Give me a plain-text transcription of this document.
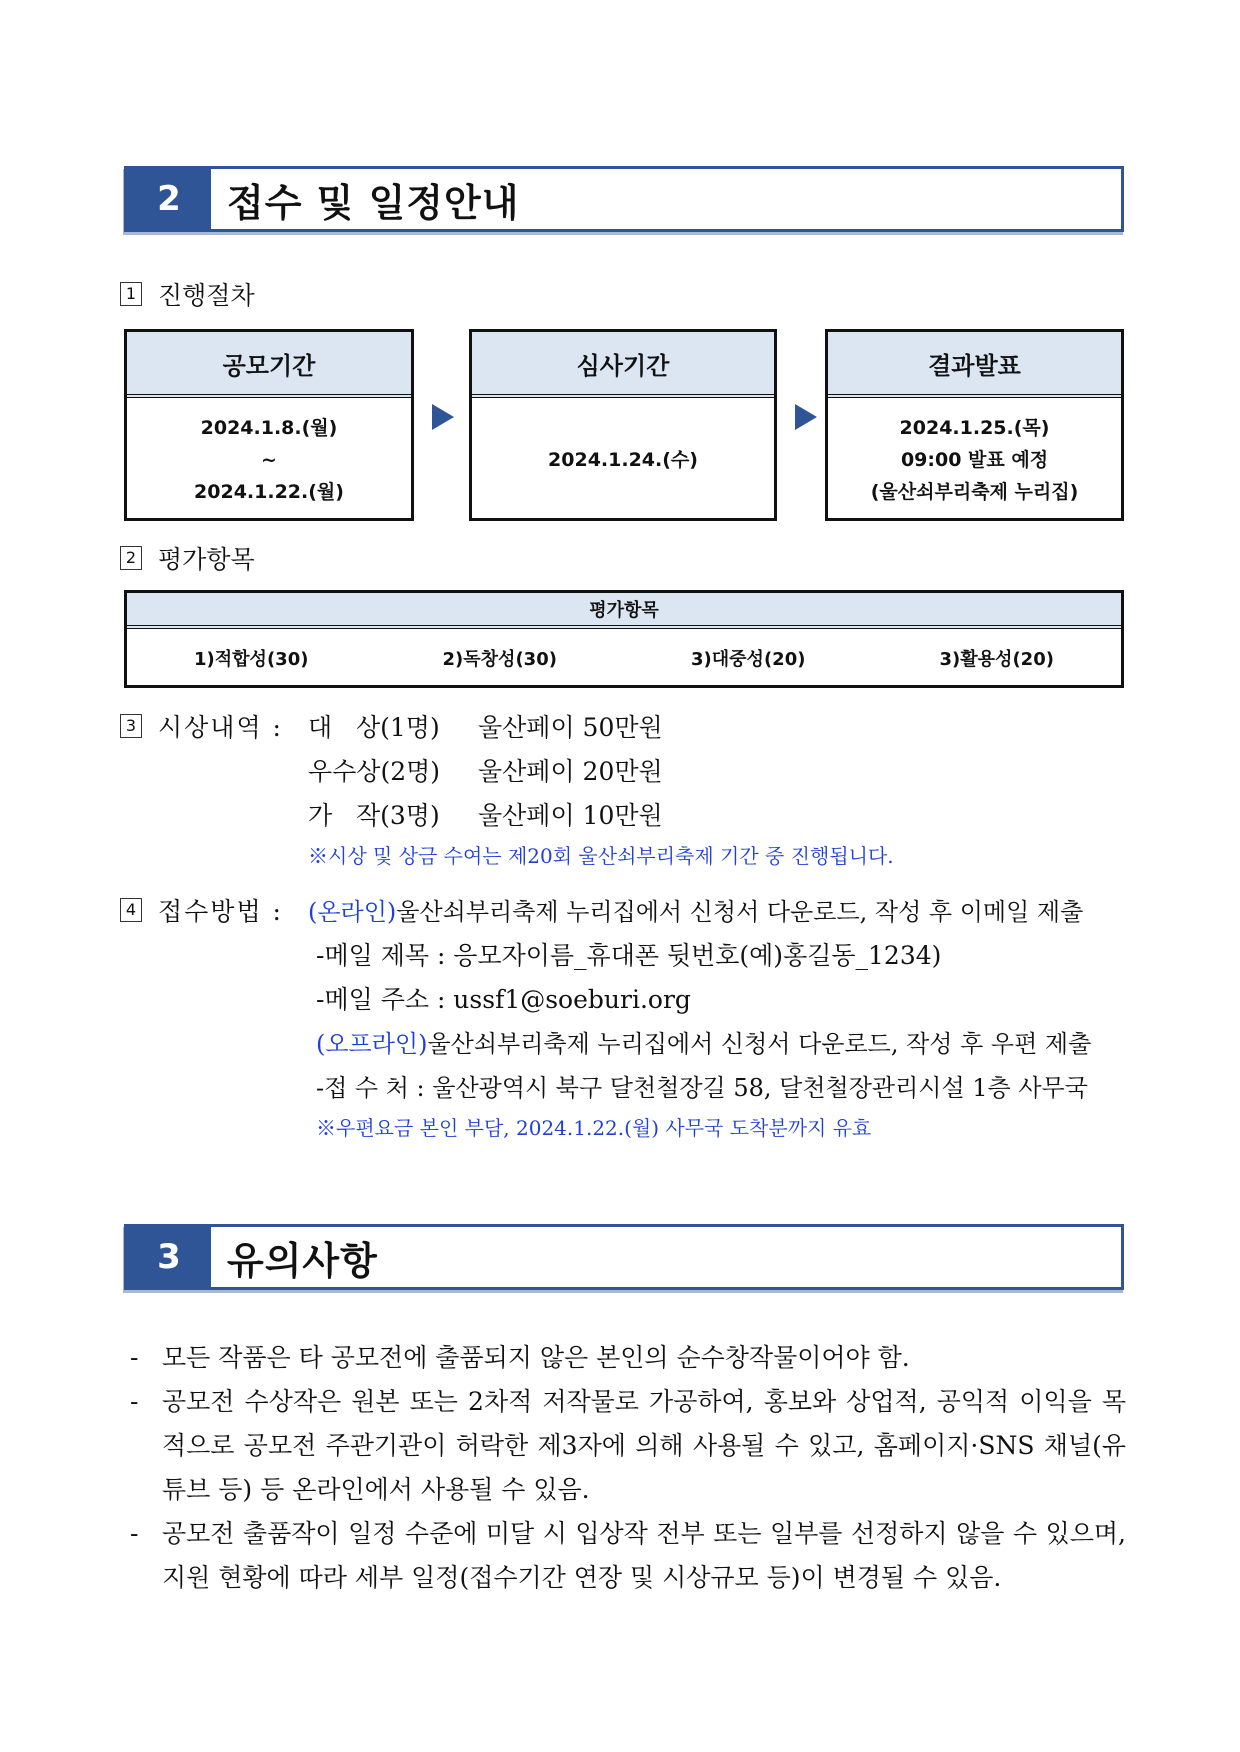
2	접수 및 일정안내
1 진행절차
공모기간
2024.1.8.(월)
~
2024.1.22.(월)
심사기간
2024.1.24.(수)
결과발표
2024.1.25.(목)
09:00 발표 예정
(울산쇠부리축제 누리집)
2 평가항목
평가항목
1)적합성(30)	2)독창성(30)	3)대중성(20)	3)활용성(20)
3 시상내역 : 대   상(1명) 울산페이 50만원
우수상(2명) 울산페이 20만원
가   작(3명) 울산페이 10만원
※시상 및 상금 수여는 제20회 울산쇠부리축제 기간 중 진행됩니다.
4 접수방법 : (온라인)울산쇠부리축제 누리집에서 신청서 다운로드, 작성 후 이메일 제출
-메일 제목 : 응모자이름_휴대폰 뒷번호(예)홍길동_1234)
-메일 주소 : ussf1@soeburi.org
(오프라인)울산쇠부리축제 누리집에서 신청서 다운로드, 작성 후 우편 제출
-접 수 처 : 울산광역시 북구 달천철장길 58, 달천철장관리시설 1층 사무국
※우편요금 본인 부담, 2024.1.22.(월) 사무국 도착분까지 유효
3	유의사항
- 모든 작품은 타 공모전에 출품되지 않은 본인의 순수창작물이어야 함.
- 공모전 수상작은 원본 또는 2차적 저작물로 가공하여, 홍보와 상업적, 공익적 이익을 목적으로 공모전 주관기관이 허락한 제3자에 의해 사용될 수 있고, 홈페이지·SNS 채널(유튜브 등) 등 온라인에서 사용될 수 있음.
- 공모전 출품작이 일정 수준에 미달 시 입상작 전부 또는 일부를 선정하지 않을 수 있으며, 지원 현황에 따라 세부 일정(접수기간 연장 및 시상규모 등)이 변경될 수 있음.
